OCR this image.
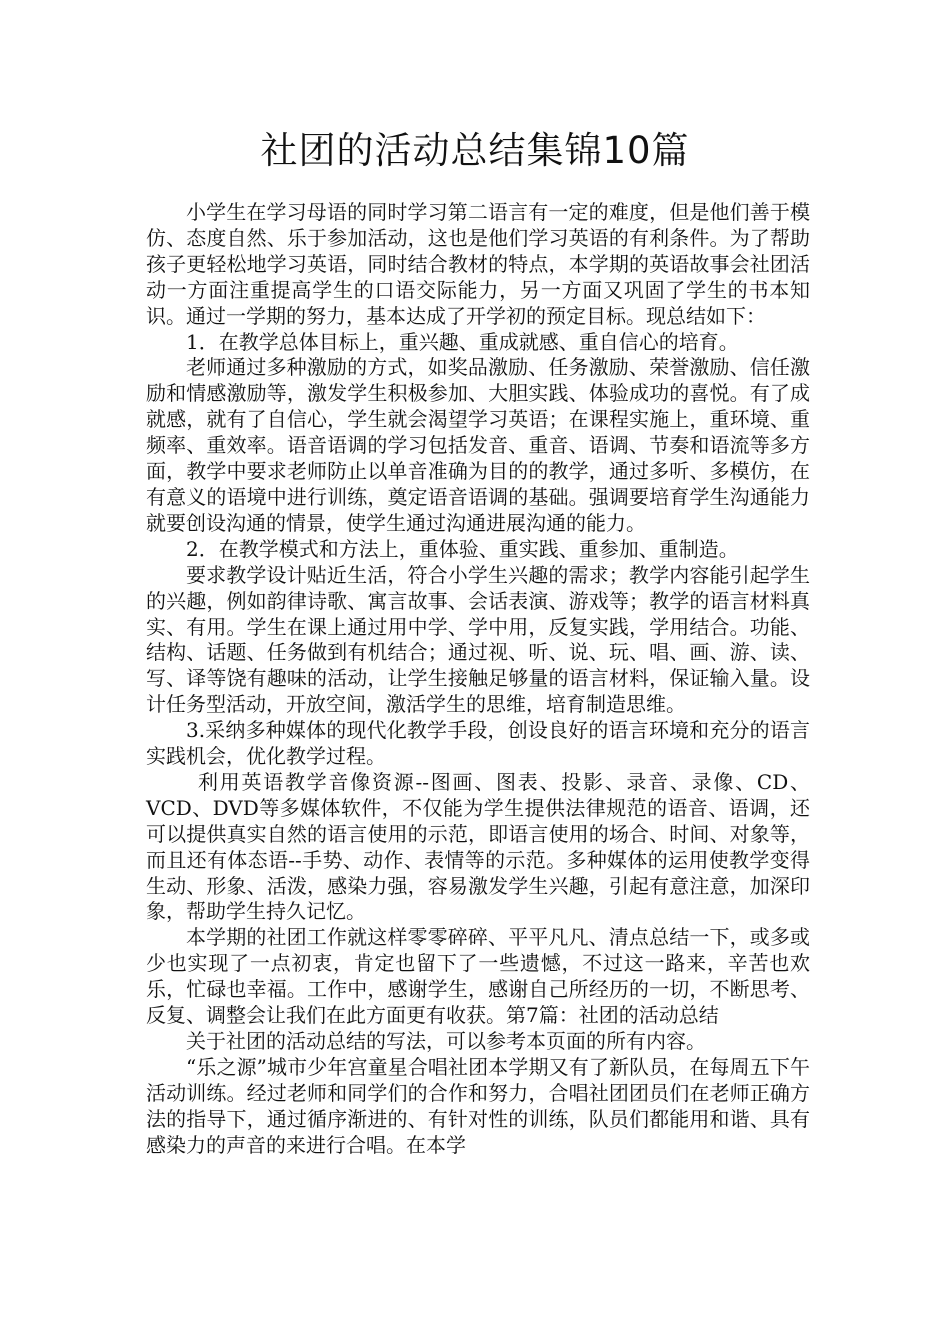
社团的活动总结集锦10篇

小学生在学习母语的同时学习第二语言有一定的难度，但是他们善于模仿、态度自然、乐于参加活动，这也是他们学习英语的有利条件。为了帮助孩子更轻松地学习英语，同时结合教材的特点，本学期的英语故事会社团活动一方面注重提高学生的口语交际能力，另一方面又巩固了学生的书本知识。通过一学期的努力，基本达成了开学初的预定目标。现总结如下：

1．在教学总体目标上，重兴趣、重成就感、重自信心的培育。

老师通过多种激励的方式，如奖品激励、任务激励、荣誉激励、信任激励和情感激励等，激发学生积极参加、大胆实践、体验成功的喜悦。有了成就感，就有了自信心，学生就会渴望学习英语；在课程实施上，重环境、重频率、重效率。语音语调的学习包括发音、重音、语调、节奏和语流等多方面，教学中要求老师防止以单音准确为目的的教学，通过多听、多模仿，在有意义的语境中进行训练，奠定语音语调的基础。强调要培育学生沟通能力就要创设沟通的情景，使学生通过沟通进展沟通的能力。

2．在教学模式和方法上，重体验、重实践、重参加、重制造。

要求教学设计贴近生活，符合小学生兴趣的需求；教学内容能引起学生的兴趣，例如韵律诗歌、寓言故事、会话表演、游戏等；教学的语言材料真实、有用。学生在课上通过用中学、学中用，反复实践，学用结合。功能、结构、话题、任务做到有机结合；通过视、听、说、玩、唱、画、游、读、写、译等饶有趣味的活动，让学生接触足够量的语言材料，保证输入量。设计任务型活动，开放空间，激活学生的思维，培育制造思维。

3.采纳多种媒体的现代化教学手段，创设良好的语言环境和充分的语言实践机会，优化教学过程。

利用英语教学音像资源--图画、图表、投影、录音、录像、CD、VCD、DVD等多媒体软件，不仅能为学生提供法律规范的语音、语调，还可以提供真实自然的语言使用的示范，即语言使用的场合、时间、对象等，而且还有体态语--手势、动作、表情等的示范。多种媒体的运用使教学变得生动、形象、活泼，感染力强，容易激发学生兴趣，引起有意注意，加深印象，帮助学生持久记忆。

本学期的社团工作就这样零零碎碎、平平凡凡、清点总结一下，或多或少也实现了一点初衷，肯定也留下了一些遗憾，不过这一路来，辛苦也欢乐，忙碌也幸福。工作中，感谢学生，感谢自己所经历的一切，不断思考、反复、调整会让我们在此方面更有收获。第7篇：社团的活动总结

关于社团的活动总结的写法，可以参考本页面的所有内容。

“乐之源”城市少年宫童星合唱社团本学期又有了新队员，在每周五下午活动训练。经过老师和同学们的合作和努力，合唱社团团员们在老师正确方法的指导下，通过循序渐进的、有针对性的训练，队员们都能用和谐、具有感染力的声音的来进行合唱。在本学
